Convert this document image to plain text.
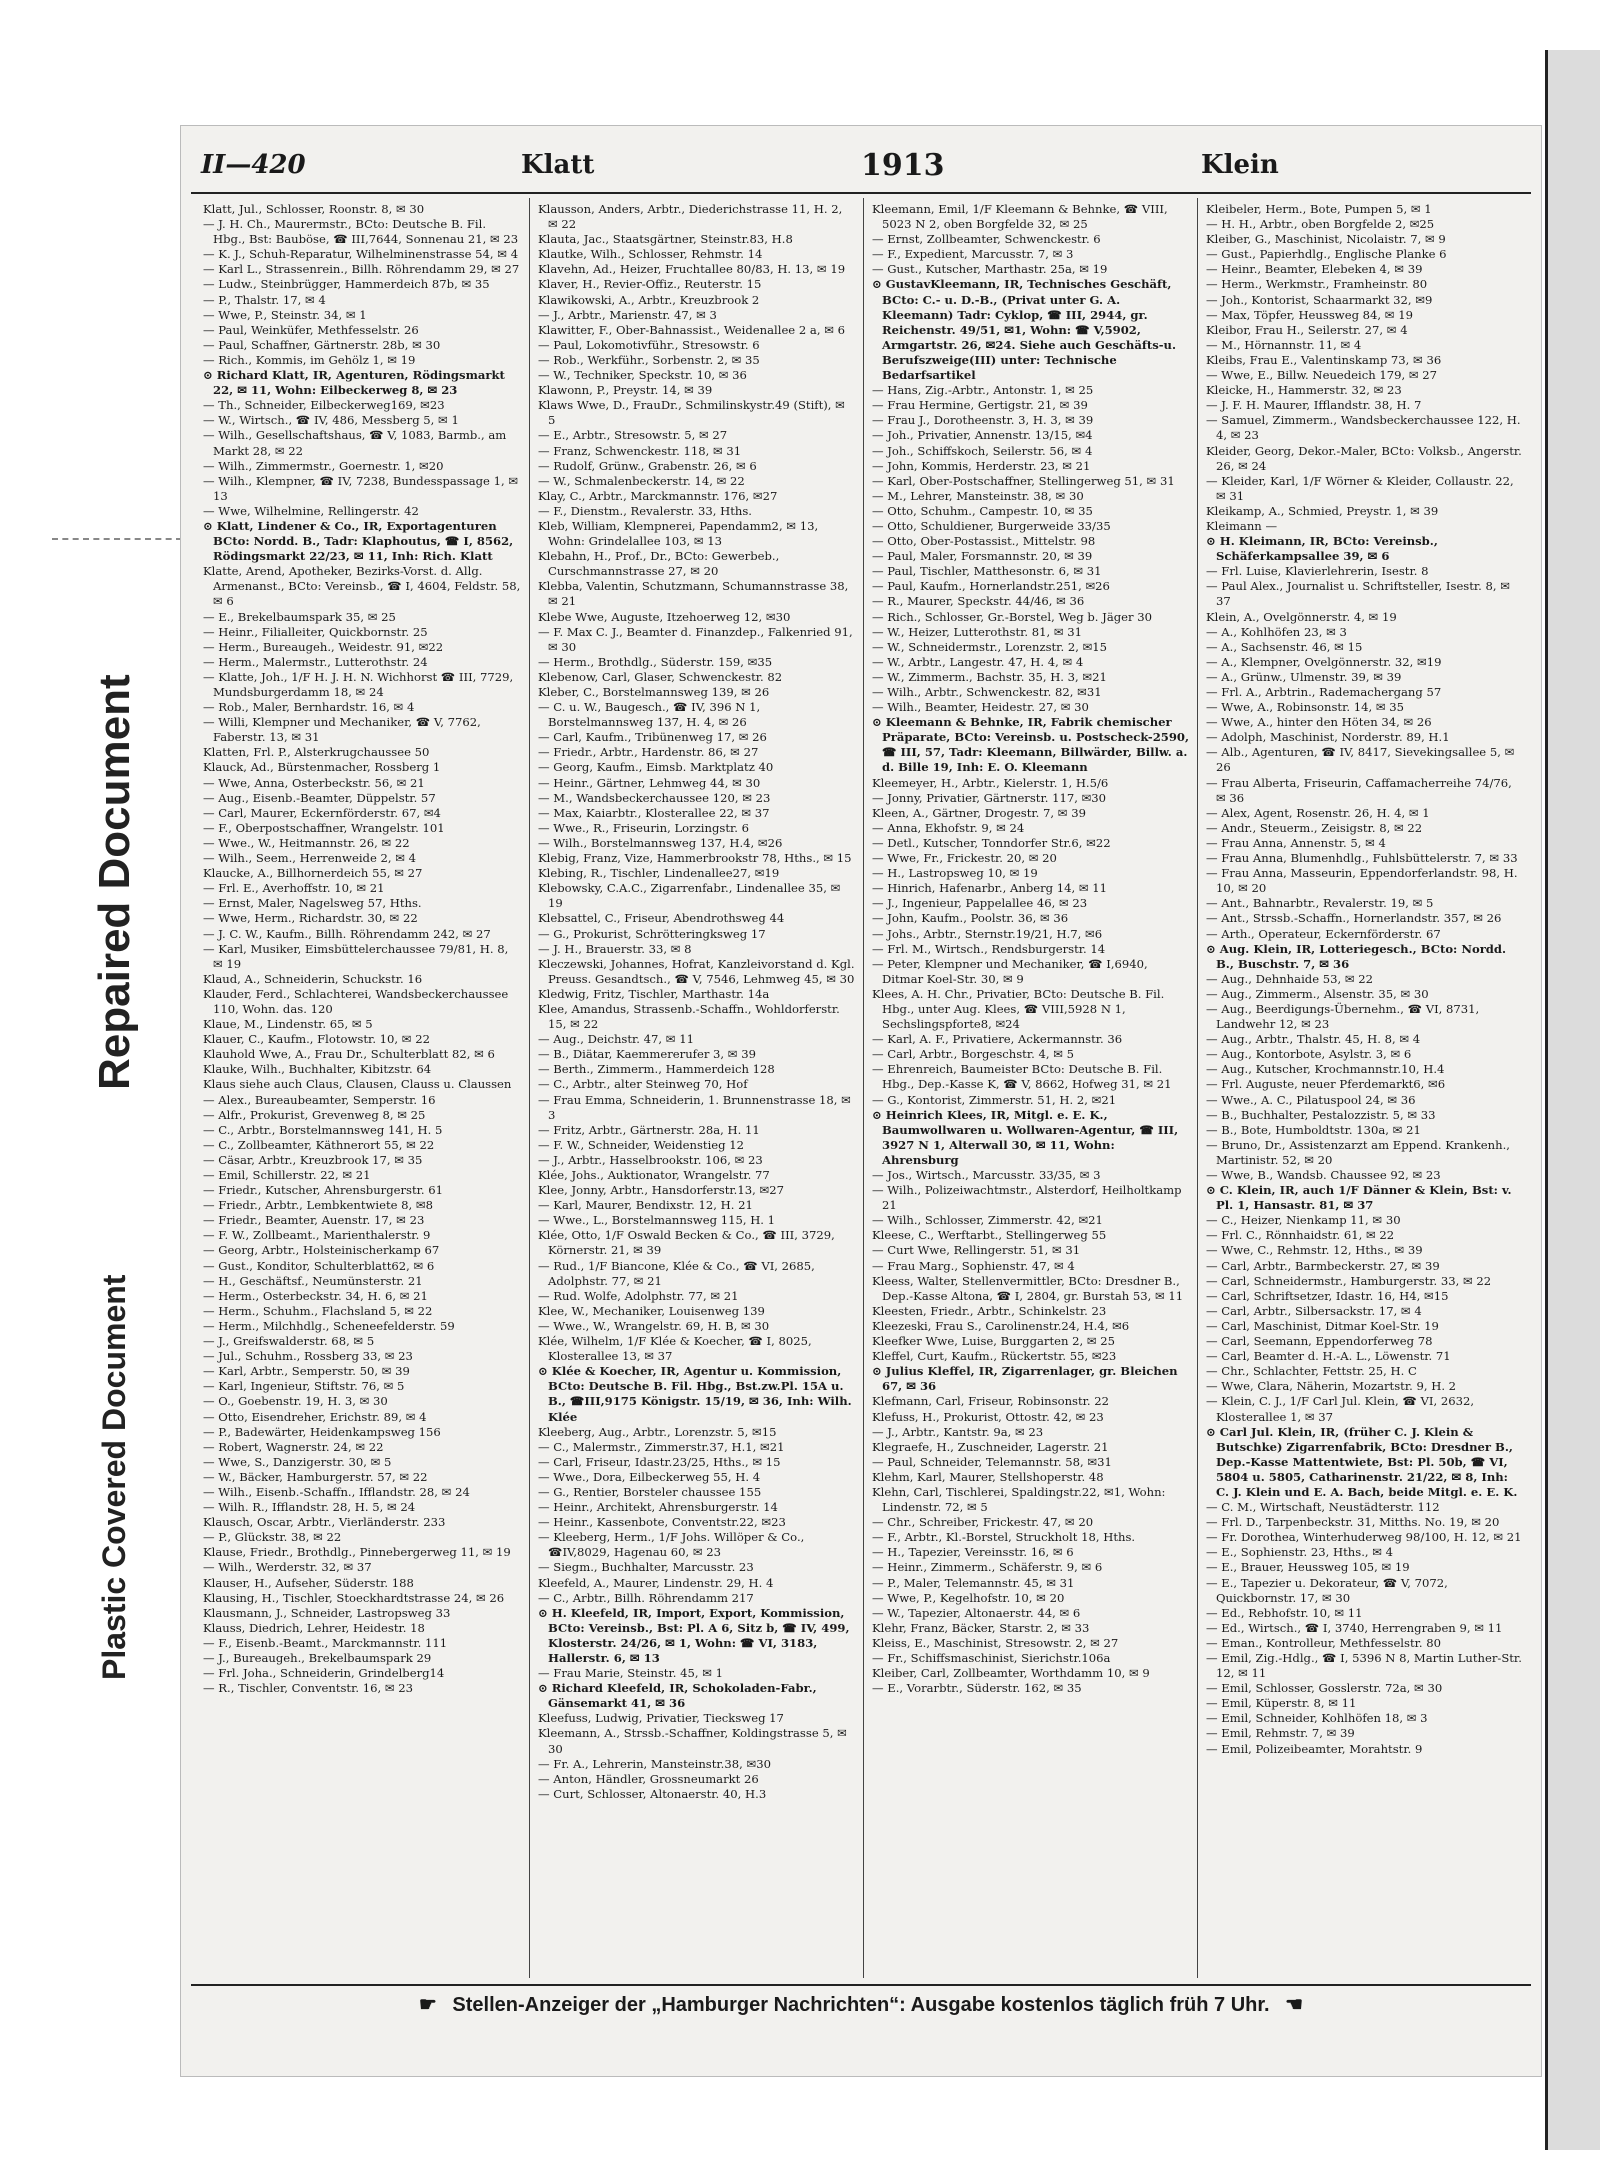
Repaired Document
Plastic Covered Document
II—420	Klatt	1913	Klein

Klatt, Jul., Schlosser, Roonstr. 8, ✉ 30

— J. H. Ch., Maurermstr., BCto: Deutsche B. Fil. Hbg., Bst: Bauböse, ☎ III,7644, Sonnenau 21, ✉ 23

— K. J., Schuh-Reparatur, Wilhelminenstrasse 54, ✉ 4

— Karl L., Strassenrein., Billh. Röhrendamm 29, ✉ 27

— Ludw., Steinbrügger, Hammerdeich 87b, ✉ 35

— P., Thalstr. 17, ✉ 4

— Wwe, P., Steinstr. 34, ✉ 1

— Paul, Weinküfer, Methfesselstr. 26

— Paul, Schaffner, Gärtnerstr. 28b, ✉ 30

— Rich., Kommis, im Gehölz 1, ✉ 19

⊙ Richard Klatt, IR, Agenturen, Rödingsmarkt 22, ✉ 11, Wohn: Eilbeckerweg 8, ✉ 23

— Th., Schneider, Eilbeckerweg169, ✉23

— W., Wirtsch., ☎ IV, 486, Messberg 5, ✉ 1

— Wilh., Gesellschaftshaus, ☎ V, 1083, Barmb., am Markt 28, ✉ 22

— Wilh., Zimmermstr., Goernestr. 1, ✉20

— Wilh., Klempner, ☎ IV, 7238, Bundesspassage 1, ✉ 13

— Wwe, Wilhelmine, Rellingerstr. 42

⊙ Klatt, Lindener & Co., IR, Exportagenturen BCto: Nordd. B., Tadr: Klaphoutus, ☎ I, 8562, Rödingsmarkt 22/23, ✉ 11, Inh: Rich. Klatt

Klatte, Arend, Apotheker, Bezirks-Vorst. d. Allg. Armenanst., BCto: Vereinsb., ☎ I, 4604, Feldstr. 58, ✉ 6

— E., Brekelbaumspark 35, ✉ 25

— Heinr., Filialleiter, Quickbornstr. 25

— Herm., Bureaugeh., Weidestr. 91, ✉22

— Herm., Malermstr., Lutterothstr. 24

— Klatte, Joh., 1/F H. J. H. N. Wichhorst ☎ III, 7729, Mundsburgerdamm 18, ✉ 24

— Rob., Maler, Bernhardstr. 16, ✉ 4

— Willi, Klempner und Mechaniker, ☎ V, 7762, Faberstr. 13, ✉ 31

Klatten, Frl. P., Alsterkrugchaussee 50

Klauck, Ad., Bürstenmacher, Rossberg 1

— Wwe, Anna, Osterbeckstr. 56, ✉ 21

— Aug., Eisenb.-Beamter, Düppelstr. 57

— Carl, Maurer, Eckernförderstr. 67, ✉4

— F., Oberpostschaffner, Wrangelstr. 101

— Wwe., W., Heitmannstr. 26, ✉ 22

— Wilh., Seem., Herrenweide 2, ✉ 4

Klaucke, A., Billhornerdeich 55, ✉ 27

— Frl. E., Averhoffstr. 10, ✉ 21

— Ernst, Maler, Nagelsweg 57, Hths.

— Wwe, Herm., Richardstr. 30, ✉ 22

— J. C. W., Kaufm., Billh. Röhrendamm 242, ✉ 27

— Karl, Musiker, Eimsbüttelerchaussee 79/81, H. 8, ✉ 19

Klaud, A., Schneiderin, Schuckstr. 16

Klauder, Ferd., Schlachterei, Wandsbeckerchaussee 110, Wohn. das. 120

Klaue, M., Lindenstr. 65, ✉ 5

Klauer, C., Kaufm., Flotowstr. 10, ✉ 22

Klauhold Wwe, A., Frau Dr., Schulterblatt 82, ✉ 6

Klauke, Wilh., Buchhalter, Kibitzstr. 64

Klaus siehe auch Claus, Clausen, Clauss u. Claussen

— Alex., Bureaubeamter, Semperstr. 16

— Alfr., Prokurist, Grevenweg 8, ✉ 25

— C., Arbtr., Borstelmannsweg 141, H. 5

— C., Zollbeamter, Käthnerort 55, ✉ 22

— Cäsar, Arbtr., Kreuzbrook 17, ✉ 35

— Emil, Schillerstr. 22, ✉ 21

— Friedr., Kutscher, Ahrensburgerstr. 61

— Friedr., Arbtr., Lembkentwiete 8, ✉8

— Friedr., Beamter, Auenstr. 17, ✉ 23

— F. W., Zollbeamt., Marienthalerstr. 9

— Georg, Arbtr., Holsteinischerkamp 67

— Gust., Konditor, Schulterblatt62, ✉ 6

— H., Geschäftsf., Neumünsterstr. 21

— Herm., Osterbeckstr. 34, H. 6, ✉ 21

— Herm., Schuhm., Flachsland 5, ✉ 22

— Herm., Milchhdlg., Scheneefelderstr. 59

— J., Greifswalderstr. 68, ✉ 5

— Jul., Schuhm., Rossberg 33, ✉ 23

— Karl, Arbtr., Semperstr. 50, ✉ 39

— Karl, Ingenieur, Stiftstr. 76, ✉ 5

— O., Goebenstr. 19, H. 3, ✉ 30

— Otto, Eisendreher, Erichstr. 89, ✉ 4

— P., Badewärter, Heidenkampsweg 156

— Robert, Wagnerstr. 24, ✉ 22

— Wwe, S., Danzigerstr. 30, ✉ 5

— W., Bäcker, Hamburgerstr. 57, ✉ 22

— Wilh., Eisenb.-Schaffn., Ifflandstr. 28, ✉ 24

— Wilh. R., Ifflandstr. 28, H. 5, ✉ 24

Klausch, Oscar, Arbtr., Vierländerstr. 233

— P., Glückstr. 38, ✉ 22

Klause, Friedr., Brothdlg., Pinnebergerweg 11, ✉ 19

— Wilh., Werderstr. 32, ✉ 37

Klauser, H., Aufseher, Süderstr. 188

Klausing, H., Tischler, Stoeckhardtstrasse 24, ✉ 26

Klausmann, J., Schneider, Lastropsweg 33

Klauss, Diedrich, Lehrer, Heidestr. 18

— F., Eisenb.-Beamt., Marckmannstr. 111

— J., Bureaugeh., Brekelbaumspark 29

— Frl. Joha., Schneiderin, Grindelberg14

— R., Tischler, Conventstr. 16, ✉ 23

Klausson, Anders, Arbtr., Diederichstrasse 11, H. 2, ✉ 22

Klauta, Jac., Staatsgärtner, Steinstr.83, H.8

Klautke, Wilh., Schlosser, Rehmstr. 14

Klavehn, Ad., Heizer, Fruchtallee 80/83, H. 13, ✉ 19

Klaver, H., Revier-Offiz., Reuterstr. 15

Klawikowski, A., Arbtr., Kreuzbrook 2

— J., Arbtr., Marienstr. 47, ✉ 3

Klawitter, F., Ober-Bahnassist., Weidenallee 2 a, ✉ 6

— Paul, Lokomotivführ., Stresowstr. 6

— Rob., Werkführ., Sorbenstr. 2, ✉ 35

— W., Techniker, Speckstr. 10, ✉ 36

Klawonn, P., Preystr. 14, ✉ 39

Klaws Wwe, D., FrauDr., Schmilinskystr.49 (Stift), ✉ 5

— E., Arbtr., Stresowstr. 5, ✉ 27

— Franz, Schwenckestr. 118, ✉ 31

— Rudolf, Grünw., Grabenstr. 26, ✉ 6

— W., Schmalenbeckerstr. 14, ✉ 22

Klay, C., Arbtr., Marckmannstr. 176, ✉27

— F., Dienstm., Revalerstr. 33, Hths.

Kleb, William, Klempnerei, Papendamm2, ✉ 13, Wohn: Grindelallee 103, ✉ 13

Klebahn, H., Prof., Dr., BCto: Gewerbeb., Curschmannstrasse 27, ✉ 20

Klebba, Valentin, Schutzmann, Schumannstrasse 38, ✉ 21

Klebe Wwe, Auguste, Itzehoerweg 12, ✉30

— F. Max C. J., Beamter d. Finanzdep., Falkenried 91, ✉ 30

— Herm., Brothdlg., Süderstr. 159, ✉35

Klebenow, Carl, Glaser, Schwenckestr. 82

Kleber, C., Borstelmannsweg 139, ✉ 26

— C. u. W., Baugesch., ☎ IV, 396 N 1, Borstelmannsweg 137, H. 4, ✉ 26

— Carl, Kaufm., Tribünenweg 17, ✉ 26

— Friedr., Arbtr., Hardenstr. 86, ✉ 27

— Georg, Kaufm., Eimsb. Marktplatz 40

— Heinr., Gärtner, Lehmweg 44, ✉ 30

— M., Wandsbeckerchaussee 120, ✉ 23

— Max, Kaiarbtr., Klosterallee 22, ✉ 37

— Wwe., R., Friseurin, Lorzingstr. 6

— Wilh., Borstelmannsweg 137, H.4, ✉26

Klebig, Franz, Vize, Hammerbrookstr 78, Hths., ✉ 15

Klebing, R., Tischler, Lindenallee27, ✉19

Klebowsky, C.A.C., Zigarrenfabr., Lindenallee 35, ✉ 19

Klebsattel, C., Friseur, Abendrothsweg 44

— G., Prokurist, Schrötteringksweg 17

— J. H., Brauerstr. 33, ✉ 8

Kleczewski, Johannes, Hofrat, Kanzleivorstand d. Kgl. Preuss. Gesandtsch., ☎ V, 7546, Lehmweg 45, ✉ 30

Kledwig, Fritz, Tischler, Marthastr. 14a

Klee, Amandus, Strassenb.-Schaffn., Wohldorferstr. 15, ✉ 22

— Aug., Deichstr. 47, ✉ 11

— B., Diätar, Kaemmererufer 3, ✉ 39

— Berth., Zimmerm., Hammerdeich 128

— C., Arbtr., alter Steinweg 70, Hof

— Frau Emma, Schneiderin, 1. Brunnenstrasse 18, ✉ 3

— Fritz, Arbtr., Gärtnerstr. 28a, H. 11

— F. W., Schneider, Weidenstieg 12

— J., Arbtr., Hasselbrookstr. 106, ✉ 23

Klée, Johs., Auktionator, Wrangelstr. 77

Klee, Jonny, Arbtr., Hansdorferstr.13, ✉27

— Karl, Maurer, Bendixstr. 12, H. 21

— Wwe., L., Borstelmannsweg 115, H. 1

Klée, Otto, 1/F Oswald Becken & Co., ☎ III, 3729, Körnerstr. 21, ✉ 39

— Rud., 1/F Biancone, Klée & Co., ☎ VI, 2685, Adolphstr. 77, ✉ 21

— Rud. Wolfe, Adolphstr. 77, ✉ 21

Klee, W., Mechaniker, Louisenweg 139

— Wwe., W., Wrangelstr. 69, H. B, ✉ 30

Klée, Wilhelm, 1/F Klée & Koecher, ☎ I, 8025, Klosterallee 13, ✉ 37

⊙ Klée & Koecher, IR, Agentur u. Kommission, BCto: Deutsche B. Fil. Hbg., Bst.zw.Pl. 15A u. B., ☎III,9175 Königstr. 15/19, ✉ 36, Inh: Wilh. Klée

Kleeberg, Aug., Arbtr., Lorenzstr. 5, ✉15

— C., Malermstr., Zimmerstr.37, H.1, ✉21

— Carl, Friseur, Idastr.23/25, Hths., ✉ 15

— Wwe., Dora, Eilbeckerweg 55, H. 4

— G., Rentier, Borsteler chaussee 155

— Heinr., Architekt, Ahrensburgerstr. 14

— Heinr., Kassenbote, Conventstr.22, ✉23

— Kleeberg, Herm., 1/F Johs. Willöper & Co., ☎IV,8029, Hagenau 60, ✉ 23

— Siegm., Buchhalter, Marcusstr. 23

Kleefeld, A., Maurer, Lindenstr. 29, H. 4

— C., Arbtr., Billh. Röhrendamm 217

⊙ H. Kleefeld, IR, Import, Export, Kommission, BCto: Vereinsb., Bst: Pl. A 6, Sitz b, ☎ IV, 499, Klosterstr. 24/26, ✉ 1, Wohn: ☎ VI, 3183, Hallerstr. 6, ✉ 13

— Frau Marie, Steinstr. 45, ✉ 1

⊙ Richard Kleefeld, IR, Schokoladen-Fabr., Gänsemarkt 41, ✉ 36

Kleefuss, Ludwig, Privatier, Tiecksweg 17

Kleemann, A., Strssb.-Schaffner, Koldingstrasse 5, ✉ 30

— Fr. A., Lehrerin, Mansteinstr.38, ✉30

— Anton, Händler, Grossneumarkt 26

— Curt, Schlosser, Altonaerstr. 40, H.3

Kleemann, Emil, 1/F Kleemann & Behnke, ☎ VIII, 5023 N 2, oben Borgfelde 32, ✉ 25

— Ernst, Zollbeamter, Schwenckestr. 6

— F., Expedient, Marcusstr. 7, ✉ 3

— Gust., Kutscher, Marthastr. 25a, ✉ 19

⊙ GustavKleemann, IR, Technisches Geschäft, BCto: C.- u. D.-B., (Privat unter G. A. Kleemann) Tadr: Cyklop, ☎ III, 2944, gr. Reichenstr. 49/51, ✉1, Wohn: ☎ V,5902, Armgartstr. 26, ✉24. Siehe auch Geschäfts-u. Berufszweige(III) unter: Technische Bedarfsartikel

— Hans, Zig.-Arbtr., Antonstr. 1, ✉ 25

— Frau Hermine, Gertigstr. 21, ✉ 39

— Frau J., Dorotheenstr. 3, H. 3, ✉ 39

— Joh., Privatier, Annenstr. 13/15, ✉4

— Joh., Schiffskoch, Seilerstr. 56, ✉ 4

— John, Kommis, Herderstr. 23, ✉ 21

— Karl, Ober-Postschaffner, Stellingerweg 51, ✉ 31

— M., Lehrer, Mansteinstr. 38, ✉ 30

— Otto, Schuhm., Campestr. 10, ✉ 35

— Otto, Schuldiener, Burgerweide 33/35

— Otto, Ober-Postassist., Mittelstr. 98

— Paul, Maler, Forsmannstr. 20, ✉ 39

— Paul, Tischler, Matthesonstr. 6, ✉ 31

— Paul, Kaufm., Hornerlandstr.251, ✉26

— R., Maurer, Speckstr. 44/46, ✉ 36

— Rich., Schlosser, Gr.-Borstel, Weg b. Jäger 30

— W., Heizer, Lutterothstr. 81, ✉ 31

— W., Schneidermstr., Lorenzstr. 2, ✉15

— W., Arbtr., Langestr. 47, H. 4, ✉ 4

— W., Zimmerm., Bachstr. 35, H. 3, ✉21

— Wilh., Arbtr., Schwenckestr. 82, ✉31

— Wilh., Beamter, Heidestr. 27, ✉ 30

⊙ Kleemann & Behnke, IR, Fabrik chemischer Präparate, BCto: Vereinsb. u. Postscheck-2590, ☎ III, 57, Tadr: Kleemann, Billwärder, Billw. a. d. Bille 19, Inh: E. O. Kleemann

Kleemeyer, H., Arbtr., Kielerstr. 1, H.5/6

— Jonny, Privatier, Gärtnerstr. 117, ✉30

Kleen, A., Gärtner, Drogestr. 7, ✉ 39

— Anna, Ekhofstr. 9, ✉ 24

— Detl., Kutscher, Tonndorfer Str.6, ✉22

— Wwe, Fr., Frickestr. 20, ✉ 20

— H., Lastropsweg 10, ✉ 19

— Hinrich, Hafenarbr., Anberg 14, ✉ 11

— J., Ingenieur, Pappelallee 46, ✉ 23

— John, Kaufm., Poolstr. 36, ✉ 36

— Johs., Arbtr., Sternstr.19/21, H.7, ✉6

— Frl. M., Wirtsch., Rendsburgerstr. 14

— Peter, Klempner und Mechaniker, ☎ I,6940, Ditmar Koel-Str. 30, ✉ 9

Klees, A. H. Chr., Privatier, BCto: Deutsche B. Fil. Hbg., unter Aug. Klees, ☎ VIII,5928 N 1, Sechslingspforte8, ✉24

— Karl, A. F., Privatiere, Ackermannstr. 36

— Carl, Arbtr., Borgeschstr. 4, ✉ 5

— Ehrenreich, Baumeister BCto: Deutsche B. Fil. Hbg., Dep.-Kasse K, ☎ V, 8662, Hofweg 31, ✉ 21

— G., Kontorist, Zimmerstr. 51, H. 2, ✉21

⊙ Heinrich Klees, IR, Mitgl. e. E. K., Baumwollwaren u. Wollwaren-Agentur, ☎ III, 3927 N 1, Alterwall 30, ✉ 11, Wohn: Ahrensburg

— Jos., Wirtsch., Marcusstr. 33/35, ✉ 3

— Wilh., Polizeiwachtmstr., Alsterdorf, Heilholtkamp 21

— Wilh., Schlosser, Zimmerstr. 42, ✉21

Kleese, C., Werftarbt., Stellingerweg 55

— Curt Wwe, Rellingerstr. 51, ✉ 31

— Frau Marg., Sophienstr. 47, ✉ 4

Kleess, Walter, Stellenvermittler, BCto: Dresdner B., Dep.-Kasse Altona, ☎ I, 2804, gr. Burstah 53, ✉ 11

Kleesten, Friedr., Arbtr., Schinkelstr. 23

Kleezeski, Frau S., Carolinenstr.24, H.4, ✉6

Kleefker Wwe, Luise, Burggarten 2, ✉ 25

Kleffel, Curt, Kaufm., Rückertstr. 55, ✉23

⊙ Julius Kleffel, IR, Zigarrenlager, gr. Bleichen 67, ✉ 36

Klefmann, Carl, Friseur, Robinsonstr. 22

Klefuss, H., Prokurist, Ottostr. 42, ✉ 23

— J., Arbtr., Kantstr. 9a, ✉ 23

Klegraefe, H., Zuschneider, Lagerstr. 21

— Paul, Schneider, Telemannstr. 58, ✉31

Klehm, Karl, Maurer, Stellshoperstr. 48

Klehn, Carl, Tischlerei, Spaldingstr.22, ✉1, Wohn: Lindenstr. 72, ✉ 5

— Chr., Schreiber, Frickestr. 47, ✉ 20

— F., Arbtr., Kl.-Borstel, Struckholt 18, Hths.

— H., Tapezier, Vereinsstr. 16, ✉ 6

— Heinr., Zimmerm., Schäferstr. 9, ✉ 6

— P., Maler, Telemannstr. 45, ✉ 31

— Wwe, P., Kegelhofstr. 10, ✉ 20

— W., Tapezier, Altonaerstr. 44, ✉ 6

Klehr, Franz, Bäcker, Starstr. 2, ✉ 33

Kleiss, E., Maschinist, Stresowstr. 2, ✉ 27

— Fr., Schiffsmaschinist, Sierichstr.106a

Kleiber, Carl, Zollbeamter, Worthdamm 10, ✉ 9

— E., Vorarbtr., Süderstr. 162, ✉ 35

Kleibeler, Herm., Bote, Pumpen 5, ✉ 1

— H. H., Arbtr., oben Borgfelde 2, ✉25

Kleiber, G., Maschinist, Nicolaistr. 7, ✉ 9

— Gust., Papierhdlg., Englische Planke 6

— Heinr., Beamter, Elebeken 4, ✉ 39

— Herm., Werkmstr., Framheinstr. 80

— Joh., Kontorist, Schaarmarkt 32, ✉9

— Max, Töpfer, Heussweg 84, ✉ 19

Kleibor, Frau H., Seilerstr. 27, ✉ 4

— M., Hörnannstr. 11, ✉ 4

Kleibs, Frau E., Valentinskamp 73, ✉ 36

— Wwe, E., Billw. Neuedeich 179, ✉ 27

Kleicke, H., Hammerstr. 32, ✉ 23

— J. F. H. Maurer, Ifflandstr. 38, H. 7

— Samuel, Zimmerm., Wandsbeckerchaussee 122, H. 4, ✉ 23

Kleider, Georg, Dekor.-Maler, BCto: Volksb., Angerstr. 26, ✉ 24

— Kleider, Karl, 1/F Wörner & Kleider, Collaustr. 22, ✉ 31

Kleikamp, A., Schmied, Preystr. 1, ✉ 39

Kleimann —

⊙ H. Kleimann, IR, BCto: Vereinsb., Schäferkampsallee 39, ✉ 6

— Frl. Luise, Klavierlehrerin, Isestr. 8

— Paul Alex., Journalist u. Schriftsteller, Isestr. 8, ✉ 37

Klein, A., Ovelgönnerstr. 4, ✉ 19

— A., Kohlhöfen 23, ✉ 3

— A., Sachsenstr. 46, ✉ 15

— A., Klempner, Ovelgönnerstr. 32, ✉19

— A., Grünw., Ulmenstr. 39, ✉ 39

— Frl. A., Arbtrin., Rademachergang 57

— Wwe, A., Robinsonstr. 14, ✉ 35

— Wwe, A., hinter den Höten 34, ✉ 26

— Adolph, Maschinist, Norderstr. 89, H.1

— Alb., Agenturen, ☎ IV, 8417, Sievekingsallee 5, ✉ 26

— Frau Alberta, Friseurin, Caffamacherreihe 74/76, ✉ 36

— Alex, Agent, Rosenstr. 26, H. 4, ✉ 1

— Andr., Steuerm., Zeisigstr. 8, ✉ 22

— Frau Anna, Annenstr. 5, ✉ 4

— Frau Anna, Blumenhdlg., Fuhlsbüttelerstr. 7, ✉ 33

— Frau Anna, Masseurin, Eppendorferlandstr. 98, H. 10, ✉ 20

— Ant., Bahnarbtr., Revalerstr. 19, ✉ 5

— Ant., Strssb.-Schaffn., Hornerlandstr. 357, ✉ 26

— Arth., Operateur, Eckernförderstr. 67

⊙ Aug. Klein, IR, Lotteriegesch., BCto: Nordd. B., Buschstr. 7, ✉ 36

— Aug., Dehnhaide 53, ✉ 22

— Aug., Zimmerm., Alsenstr. 35, ✉ 30

— Aug., Beerdigungs-Übernehm., ☎ VI, 8731, Landwehr 12, ✉ 23

— Aug., Arbtr., Thalstr. 45, H. 8, ✉ 4

— Aug., Kontorbote, Asylstr. 3, ✉ 6

— Aug., Kutscher, Krochmannstr.10, H.4

— Frl. Auguste, neuer Pferdemarkt6, ✉6

— Wwe., A. C., Pilatuspool 24, ✉ 36

— B., Buchhalter, Pestalozzistr. 5, ✉ 33

— B., Bote, Humboldtstr. 130a, ✉ 21

— Bruno, Dr., Assistenzarzt am Eppend. Krankenh., Martinistr. 52, ✉ 20

— Wwe, B., Wandsb. Chaussee 92, ✉ 23

⊙ C. Klein, IR, auch 1/F Dänner & Klein, Bst: v. Pl. 1, Hansastr. 81, ✉ 37

— C., Heizer, Nienkamp 11, ✉ 30

— Frl. C., Rönnhaidstr. 61, ✉ 22

— Wwe, C., Rehmstr. 12, Hths., ✉ 39

— Carl, Arbtr., Barmbeckerstr. 27, ✉ 39

— Carl, Schneidermstr., Hamburgerstr. 33, ✉ 22

— Carl, Schriftsetzer, Idastr. 16, H4, ✉15

— Carl, Arbtr., Silbersackstr. 17, ✉ 4

— Carl, Maschinist, Ditmar Koel-Str. 19

— Carl, Seemann, Eppendorferweg 78

— Carl, Beamter d. H.-A. L., Löwenstr. 71

— Chr., Schlachter, Fettstr. 25, H. C

— Wwe, Clara, Näherin, Mozartstr. 9, H. 2

— Klein, C. J., 1/F Carl Jul. Klein, ☎ VI, 2632, Klosterallee 1, ✉ 37

⊙ Carl Jul. Klein, IR, (früher C. J. Klein & Butschke) Zigarrenfabrik, BCto: Dresdner B., Dep.-Kasse Mattentwiete, Bst: Pl. 50b, ☎ VI, 5804 u. 5805, Catharinenstr. 21/22, ✉ 8, Inh: C. J. Klein und E. A. Bach, beide Mitgl. e. E. K.

— C. M., Wirtschaft, Neustädterstr. 112

— Frl. D., Tarpenbeckstr. 31, Mitths. No. 19, ✉ 20

— Fr. Dorothea, Winterhuderweg 98/100, H. 12, ✉ 21

— E., Sophienstr. 23, Hths., ✉ 4

— E., Brauer, Heussweg 105, ✉ 19

— E., Tapezier u. Dekorateur, ☎ V, 7072, Quickbornstr. 17, ✉ 30

— Ed., Rebhofstr. 10, ✉ 11

— Ed., Wirtsch., ☎ I, 3740, Herrengraben 9, ✉ 11

— Eman., Kontrolleur, Methfesselstr. 80

— Emil, Zig.-Hdlg., ☎ I, 5396 N 8, Martin Luther-Str. 12, ✉ 11

— Emil, Schlosser, Gosslerstr. 72a, ✉ 30

— Emil, Küperstr. 8, ✉ 11

— Emil, Schneider, Kohlhöfen 18, ✉ 3

— Emil, Rehmstr. 7, ✉ 39

— Emil, Polizeibeamter, Morahtstr. 9

☛ Stellen-Anzeiger der „Hamburger Nachrichten“: Ausgabe kostenlos täglich früh 7 Uhr. ☚
